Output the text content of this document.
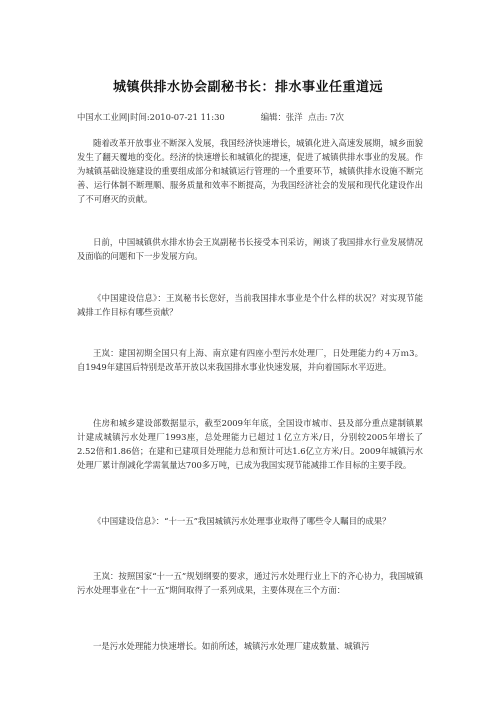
城镇供排水协会副秘书长：排水事业任重道远
中国水工业网|时间:2010-07-21 11:30	编辑：张洋 点击: 7次

随着改革开放事业不断深入发展，我国经济快速增长，城镇化进入高速发展期，城乡面貌发生了翻天覆地的变化。经济的快速增长和城镇化的提速，促进了城镇供排水事业的发展。作为城镇基础设施建设的重要组成部分和城镇运行管理的一个重要环节，城镇供排水设施不断完善、运行体制不断理顺、服务质量和效率不断提高，为我国经济社会的发展和现代化建设作出了不可磨灭的贡献。

日前，中国城镇供水排水协会王岚副秘书长接受本刊采访，阐谈了我国排水行业发展情况及面临的问题和下一步发展方向。

《中国建设信息》：王岚秘书长您好，当前我国排水事业是个什么样的状况？对实现节能减排工作目标有哪些贡献？

王岚：建国初期全国只有上海、南京建有四座小型污水处理厂，日处理能力约４万ｍ3。自1949年建国后特别是改革开放以来我国排水事业快速发展，并向着国际水平迈进。

住房和城乡建设部数据显示，截至2009年年底，全国设市城市、县及部分重点建制镇累计建成城镇污水处理厂1993座，总处理能力已超过１亿立方米/日，分别较2005年增长了2.52倍和1.86倍；在建和已建项目处理能力总和预计可达1.6亿立方米/日。2009年城镇污水处理厂累计削减化学需氧量达700多万吨，已成为我国实现节能减排工作目标的主要手段。

《中国建设信息》：“十一五”我国城镇污水处理事业取得了哪些令人瞩目的成果？

王岚：按照国家“十一五”规划纲要的要求，通过污水处理行业上下的齐心协力，我国城镇污水处理事业在“十一五”期间取得了一系列成果，主要体现在三个方面：

一是污水处理能力快速增长。如前所述，城镇污水处理厂建成数量、城镇污
